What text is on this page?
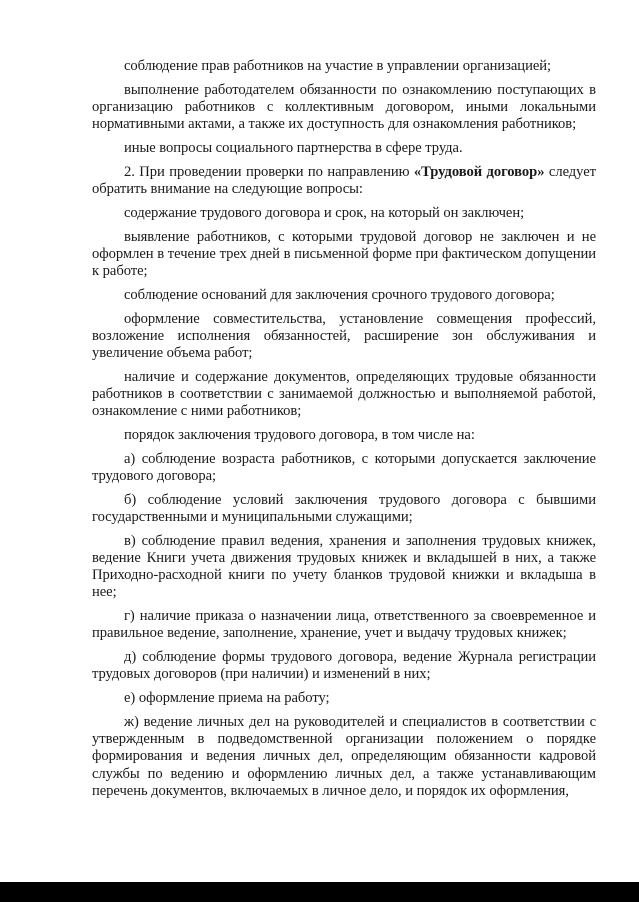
соблюдение прав работников на участие в управлении организацией;

выполнение работодателем обязанности по ознакомлению поступающих в организацию работников с коллективным договором, иными локальными нормативными актами, а также их доступность для ознакомления работников;

иные вопросы социального партнерства в сфере труда.

2. При проведении проверки по направлению «Трудовой договор» следует обратить внимание на следующие вопросы:

содержание трудового договора и срок, на который он заключен;

выявление работников, с которыми трудовой договор не заключен и не оформлен в течение трех дней в письменной форме при фактическом допущении к работе;

соблюдение оснований для заключения срочного трудового договора;

оформление совместительства, установление совмещения профессий, возложение исполнения обязанностей, расширение зон обслуживания и увеличение объема работ;

наличие и содержание документов, определяющих трудовые обязанности работников в соответствии с занимаемой должностью и выполняемой работой, ознакомление с ними работников;

порядок заключения трудового договора, в том числе на:

а) соблюдение возраста работников, с которыми допускается заключение трудового договора;

б) соблюдение условий заключения трудового договора с бывшими государственными и муниципальными служащими;

в) соблюдение правил ведения, хранения и заполнения трудовых книжек, ведение Книги учета движения трудовых книжек и вкладышей в них, а также Приходно-расходной книги по учету бланков трудовой книжки и вкладыша в нее;

г) наличие приказа о назначении лица, ответственного за своевременное и правильное ведение, заполнение, хранение, учет и выдачу трудовых книжек;

д) соблюдение формы трудового договора, ведение Журнала регистрации трудовых договоров (при наличии) и изменений в них;

е) оформление приема на работу;

ж) ведение личных дел на руководителей и специалистов в соответствии с утвержденным в подведомственной организации положением о порядке формирования и ведения личных дел, определяющим обязанности кадровой службы по ведению и оформлению личных дел, а также устанавливающим перечень документов, включаемых в личное дело, и порядок их оформления,
